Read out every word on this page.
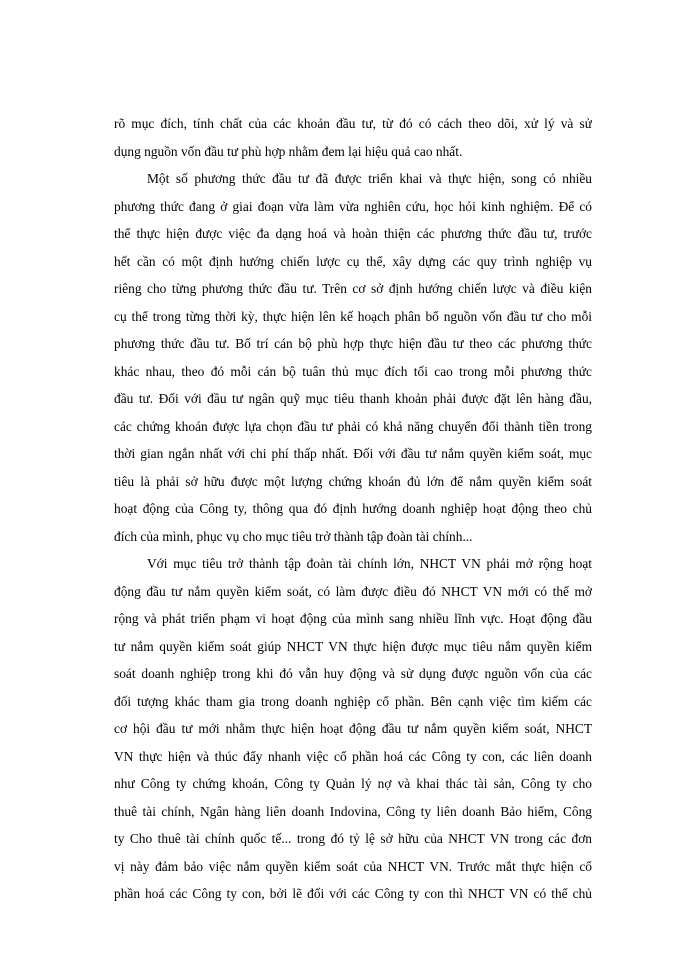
rõ mục đích, tính chất của các khoản đầu tư, từ đó có cách theo dõi, xử lý và sử
dụng nguồn vốn đầu tư phù hợp nhằm đem lại hiệu quả cao nhất.
Một số phương thức đầu tư đã được triển khai và thực hiện, song có nhiều
phương thức đang ở giai đoạn vừa làm vừa nghiên cứu, học hỏi kinh nghiệm. Để có
thể thực hiện được việc đa dạng hoá và hoàn thiện các phương thức đầu tư, trước
hết cần có một định hướng chiến lược cụ thể, xây dựng các quy trình nghiệp vụ
riêng cho từng phương thức đầu tư. Trên cơ sở định hướng chiến lược và điều kiện
cụ thể trong từng thời kỳ, thực hiện lên kế hoạch phân bổ nguồn vốn đầu tư cho mỗi
phương thức đầu tư. Bố trí cán bộ phù hợp thực hiện đầu tư theo các phương thức
khác nhau, theo đó mỗi cán bộ tuân thủ mục đích tối cao trong mỗi phương thức
đầu tư. Đối với đầu tư ngân quỹ mục tiêu thanh khoản phải được đặt lên hàng đầu,
các chứng khoán được lựa chọn đầu tư phải có khả năng chuyển đổi thành tiền trong
thời gian ngắn nhất với chi phí thấp nhất. Đối với đầu tư nắm quyền kiểm soát, mục
tiêu là phải sở hữu được một lượng chứng khoán đủ lớn để nắm quyền kiểm soát
hoạt động của Công ty, thông qua đó định hướng doanh nghiệp hoạt động theo chủ
đích của mình, phục vụ cho mục tiêu trở thành tập đoàn tài chính...
Với mục tiêu trở thành tập đoàn tài chính lớn, NHCT VN phải mở rộng hoạt
động đầu tư nắm quyền kiểm soát, có làm được điều đó NHCT VN mới có thể mở
rộng và phát triển phạm vi hoạt động của mình sang nhiều lĩnh vực. Hoạt động đầu
tư nắm quyền kiểm soát giúp NHCT VN thực hiện được mục tiêu nắm quyền kiểm
soát doanh nghiệp trong khi đó vẫn huy động và sử dụng được nguồn vốn của các
đối tượng khác tham gia trong doanh nghiệp cổ phần. Bên cạnh việc tìm kiếm các
cơ hội đầu tư mới nhằm thực hiện hoạt động đầu tư nắm quyền kiểm soát, NHCT
VN thực hiện và thúc đẩy nhanh việc cổ phần hoá các Công ty con, các liên doanh
như Công ty chứng khoán, Công ty Quản lý nợ và khai thác tài sản, Công ty cho
thuê tài chính, Ngân hàng liên doanh Indovina, Công ty liên doanh Bảo hiểm, Công
ty Cho thuê tài chính quốc tế... trong đó tỷ lệ sở hữu của NHCT VN trong các đơn
vị này đảm bảo việc nắm quyền kiểm soát của NHCT VN. Trước mắt thực hiện cổ
phần hoá các Công ty con, bởi lẽ đối với các Công ty con thì NHCT VN có thể chủ
